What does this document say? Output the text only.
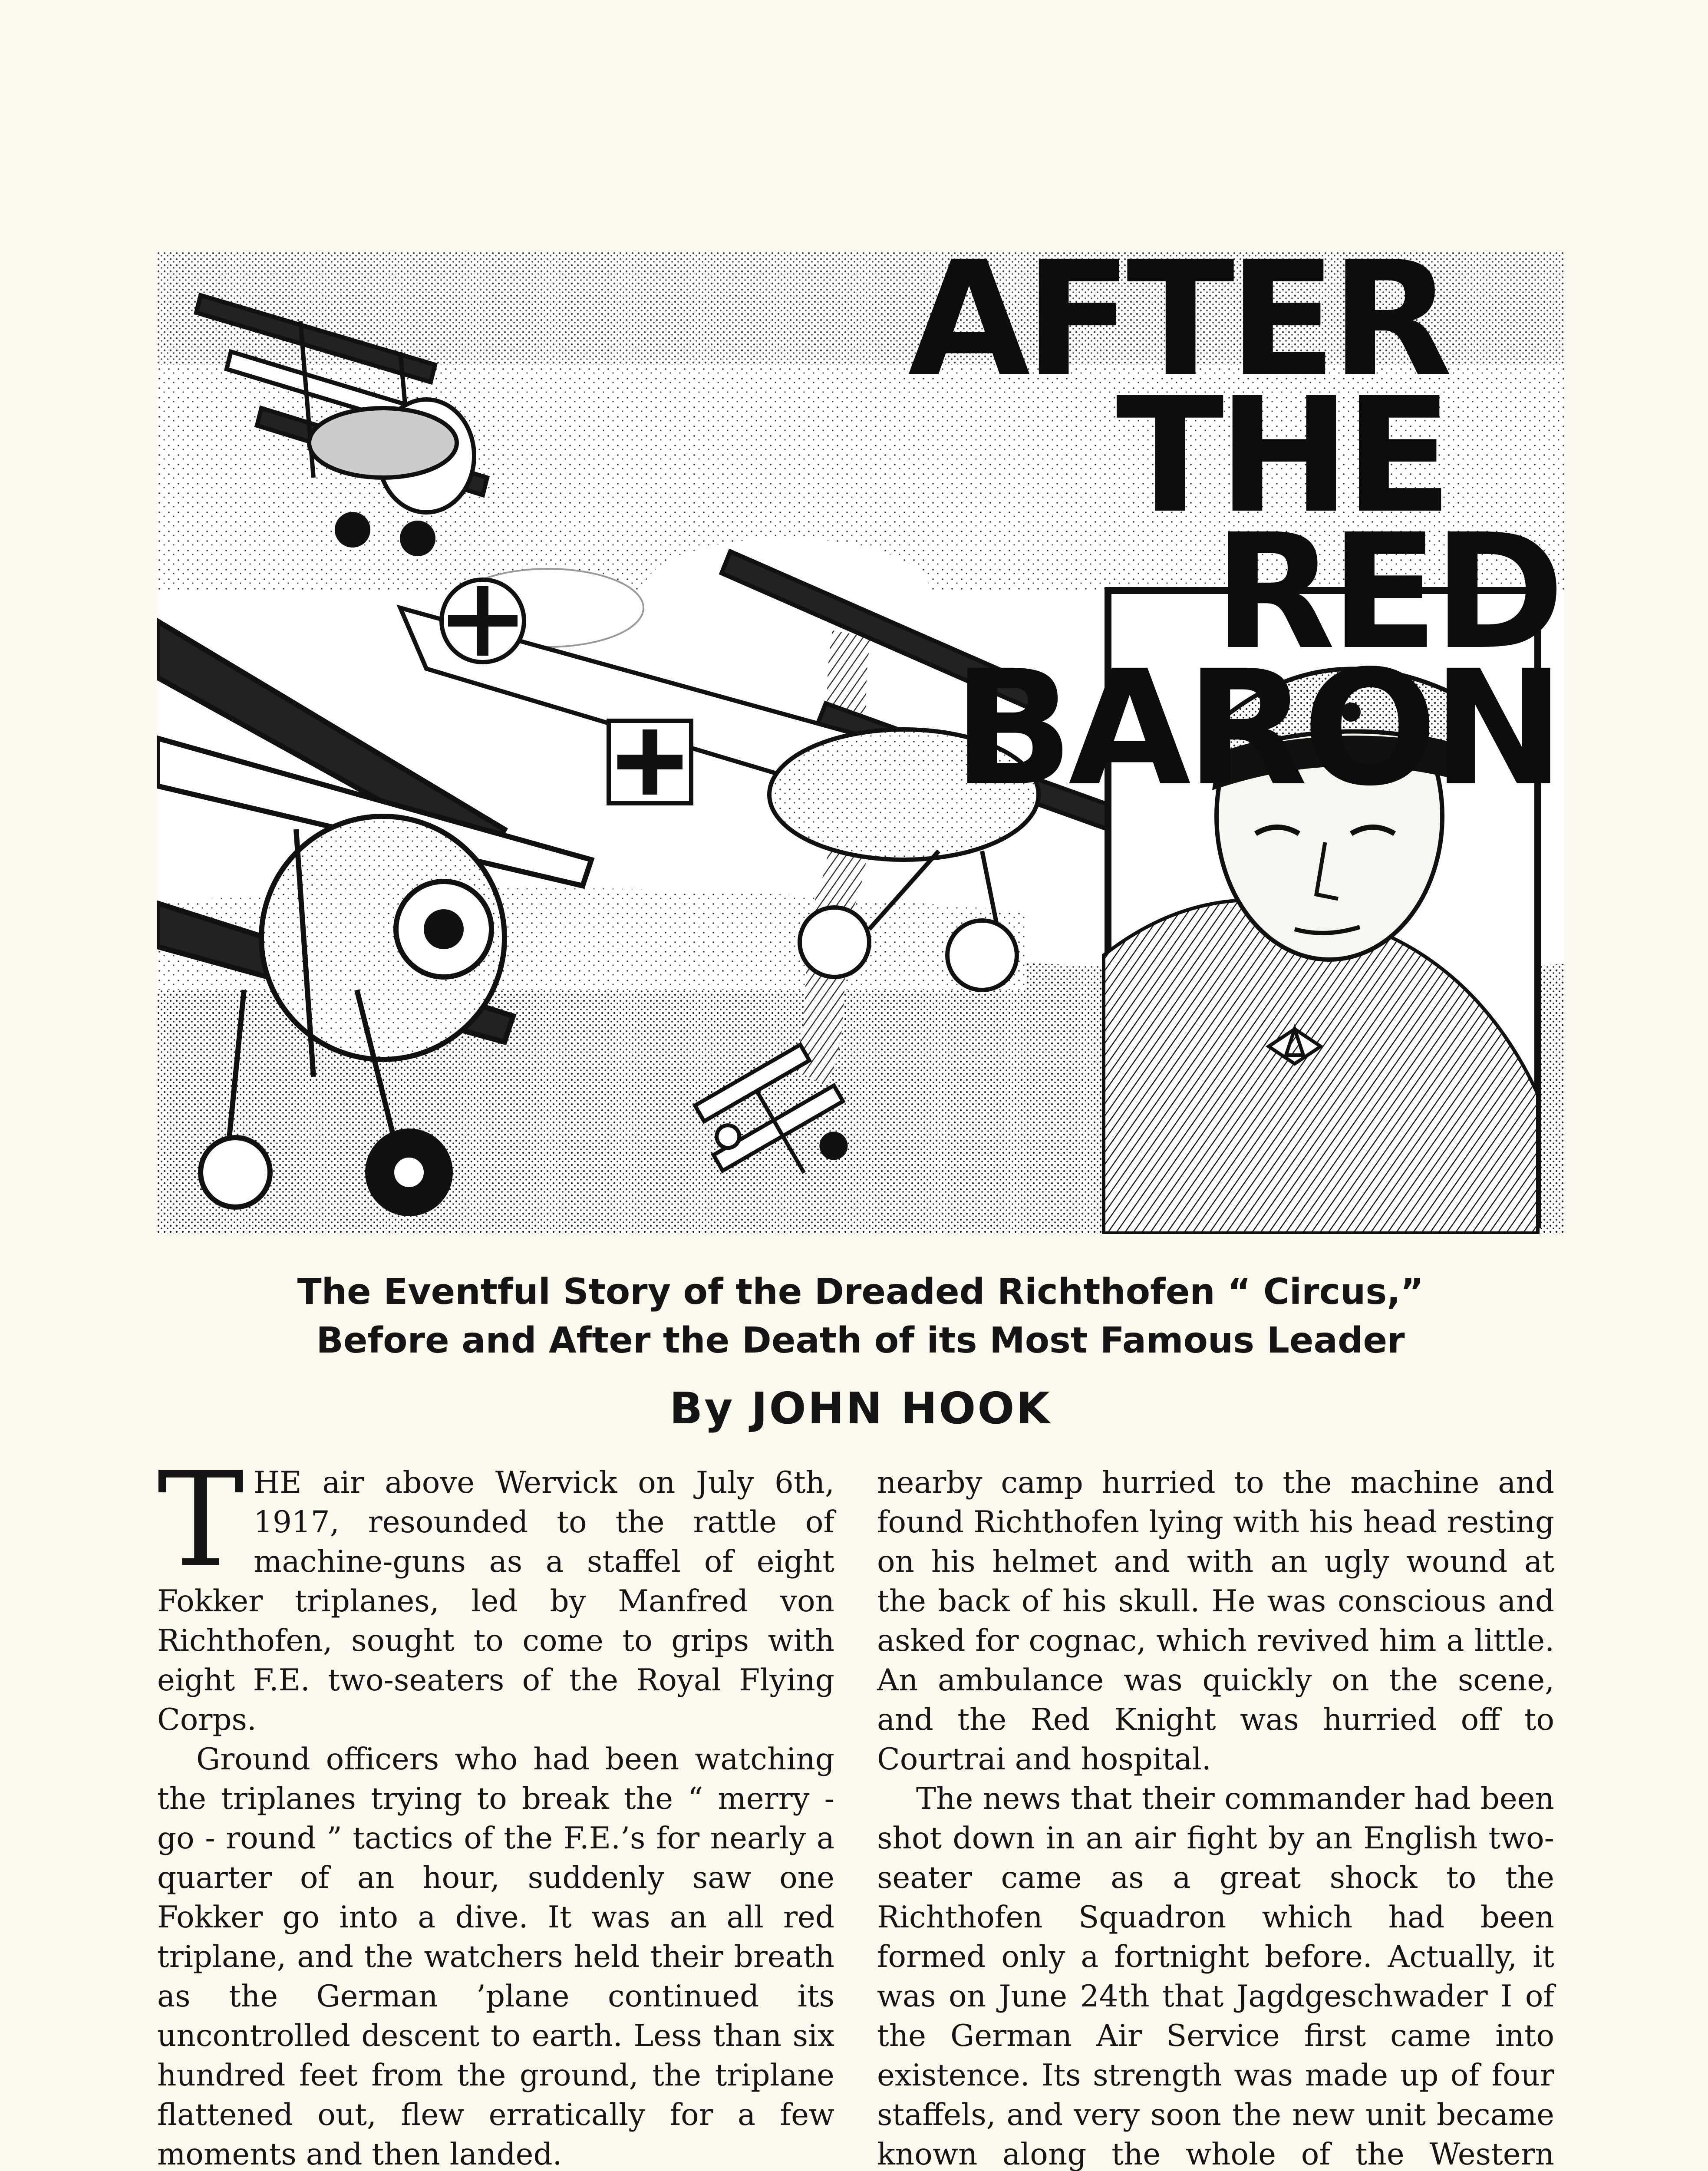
AFTER THE
RED BARON
The Eventful Story of the Dreaded Richthofen “ Circus,”
Before and After the Death of its Most Famous Leader
By JOHN HOOK

THE air above Wervick on July 6th, 1917, resounded to the rattle of machine-guns as a staffel of eight Fokker triplanes, led by Manfred von Richthofen, sought to come to grips with eight F.E. two-seaters of the Royal Flying Corps.

Ground officers who had been watching the triplanes trying to break the “ merry - go - round ” tactics of the F.E.’s for nearly a quarter of an hour, suddenly saw one Fokker go into a dive. It was an all red triplane, and the watchers held their breath as the German ’plane continued its uncontrolled descent to earth. Less than six hundred feet from the ground, the triplane flattened out, flew erratically for a few moments and then landed.

nearby camp hurried to the machine and found Richthofen lying with his head resting on his helmet and with an ugly wound at the back of his skull. He was conscious and asked for cognac, which revived him a little. An ambulance was quickly on the scene, and the Red Knight was hurried off to Courtrai and hospital.

The news that their commander had been shot down in an air fight by an English two-seater came as a great shock to the Richthofen Squadron which had been formed only a fortnight before. Actually, it was on June 24th that Jagdgeschwader I of the German Air Service first came into existence. Its strength was made up of four staffels, and very soon the new unit became known along the whole of the Western
